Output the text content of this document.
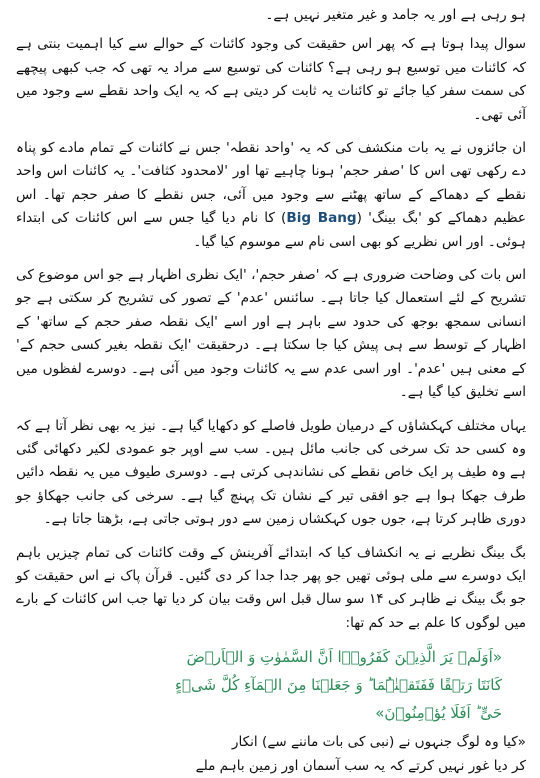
ہو رہی ہے اور یہ جامد و غیر متغیر نہیں ہے۔

سوال پیدا ہوتا ہے کہ پھر اس حقیقت کی وجود کائنات کے حوالے سے کیا اہمیت بنتی ہے کہ کائنات میں توسیع ہو رہی ہے؟ کائنات کی توسیع سے مراد یہ تھی کہ جب کبھی پیچھے کی سمت سفر کیا جائے تو کائنات یہ ثابت کر دیتی ہے کہ یہ ایک واحد نقطے سے وجود میں آئی تھی۔

ان جائزوں نے یہ بات منکشف کی کہ یہ 'واحد نقطہ' جس نے کائنات کے تمام مادے کو پناہ دے رکھی تھی اس کا 'صفر حجم' ہونا چاہیے تھا اور 'لامحدود کثافت'۔ یہ کائنات اس واحد نقطے کے دھماکے کے ساتھ پھٹنے سے وجود میں آئی، جس نقطے کا صفر حجم تھا۔ اس عظیم دھماکے کو 'بگ بینگ' (Big Bang) کا نام دیا گیا جس سے اس کائنات کی ابتداء ہوئی۔ اور اس نظریے کو بھی اسی نام سے موسوم کیا گیا۔

اس بات کی وضاحت ضروری ہے کہ 'صفر حجم'، 'ایک نظری اظہار ہے جو اس موضوع کی تشریح کے لئے استعمال کیا جاتا ہے۔ سائنس 'عدم' کے تصور کی تشریح کر سکتی ہے جو انسانی سمجھ بوجھ کی حدود سے باہر ہے اور اسے 'ایک نقطہ صفر حجم کے ساتھ' کے اظہار کے توسط سے ہی پیش کیا جا سکتا ہے۔ درحقیقت 'ایک نقطہ بغیر کسی حجم کے' کے معنی ہیں 'عدم'۔ اور اسی عدم سے یہ کائنات وجود میں آئی ہے۔ دوسرے لفظوں میں اسے تخلیق کیا گیا ہے۔

یہاں مختلف کہکشاؤں کے درمیان طویل فاصلے کو دکھایا گیا ہے۔ نیز یہ بھی نظر آتا ہے کہ وہ کسی حد تک سرخی کی جانب مائل ہیں۔ سب سے اوپر جو عمودی لکیر دکھائی گئی ہے وہ طیف پر ایک خاص نقطے کی نشاندہی کرتی ہے۔ دوسری طیوف میں یہ نقطہ دائیں طرف جھکا ہوا ہے جو افقی تیر کے نشان تک پہنچ گیا ہے۔ سرخی کی جانب جھکاؤ جو دوری ظاہر کرتا ہے، جوں جوں کہکشاں زمین سے دور ہوتی جاتی ہے، بڑھتا جاتا ہے۔

بگ بینگ نظریے نے یہ انکشاف کیا کہ ابتدائے آفرینش کے وقت کائنات کی تمام چیزیں باہم ایک دوسرے سے ملی ہوئی تھیں جو پھر جدا جدا کر دی گئیں۔ قرآن پاک نے اس حقیقت کو جو بگ بینگ نے ظاہر کی ۱۴ سو سال قبل اس وقت بیان کر دیا تھا جب اس کائنات کے بارے میں لوگوں کا علم بے حد کم تھا:

«اَوَلَمۡ یَرَ الَّذِیۡنَ کَفَرُوۡۤا اَنَّ السَّمٰوٰتِ وَ الۡاَرۡضَ
کَانَتَا رَتۡقًا فَفَتَقۡنٰہُمَا ؕ وَ جَعَلۡنَا مِنَ الۡمَآءِ کُلَّ شَیۡءٍ
حَیٍّ ؕ اَفَلَا یُؤۡمِنُوۡنَ»

«کیا وہ لوگ جنہوں نے (نبی کی بات ماننے سے) انکار

کر دیا غور نہیں کرتے کہ یہ سب آسمان اور زمین باہم ملے
